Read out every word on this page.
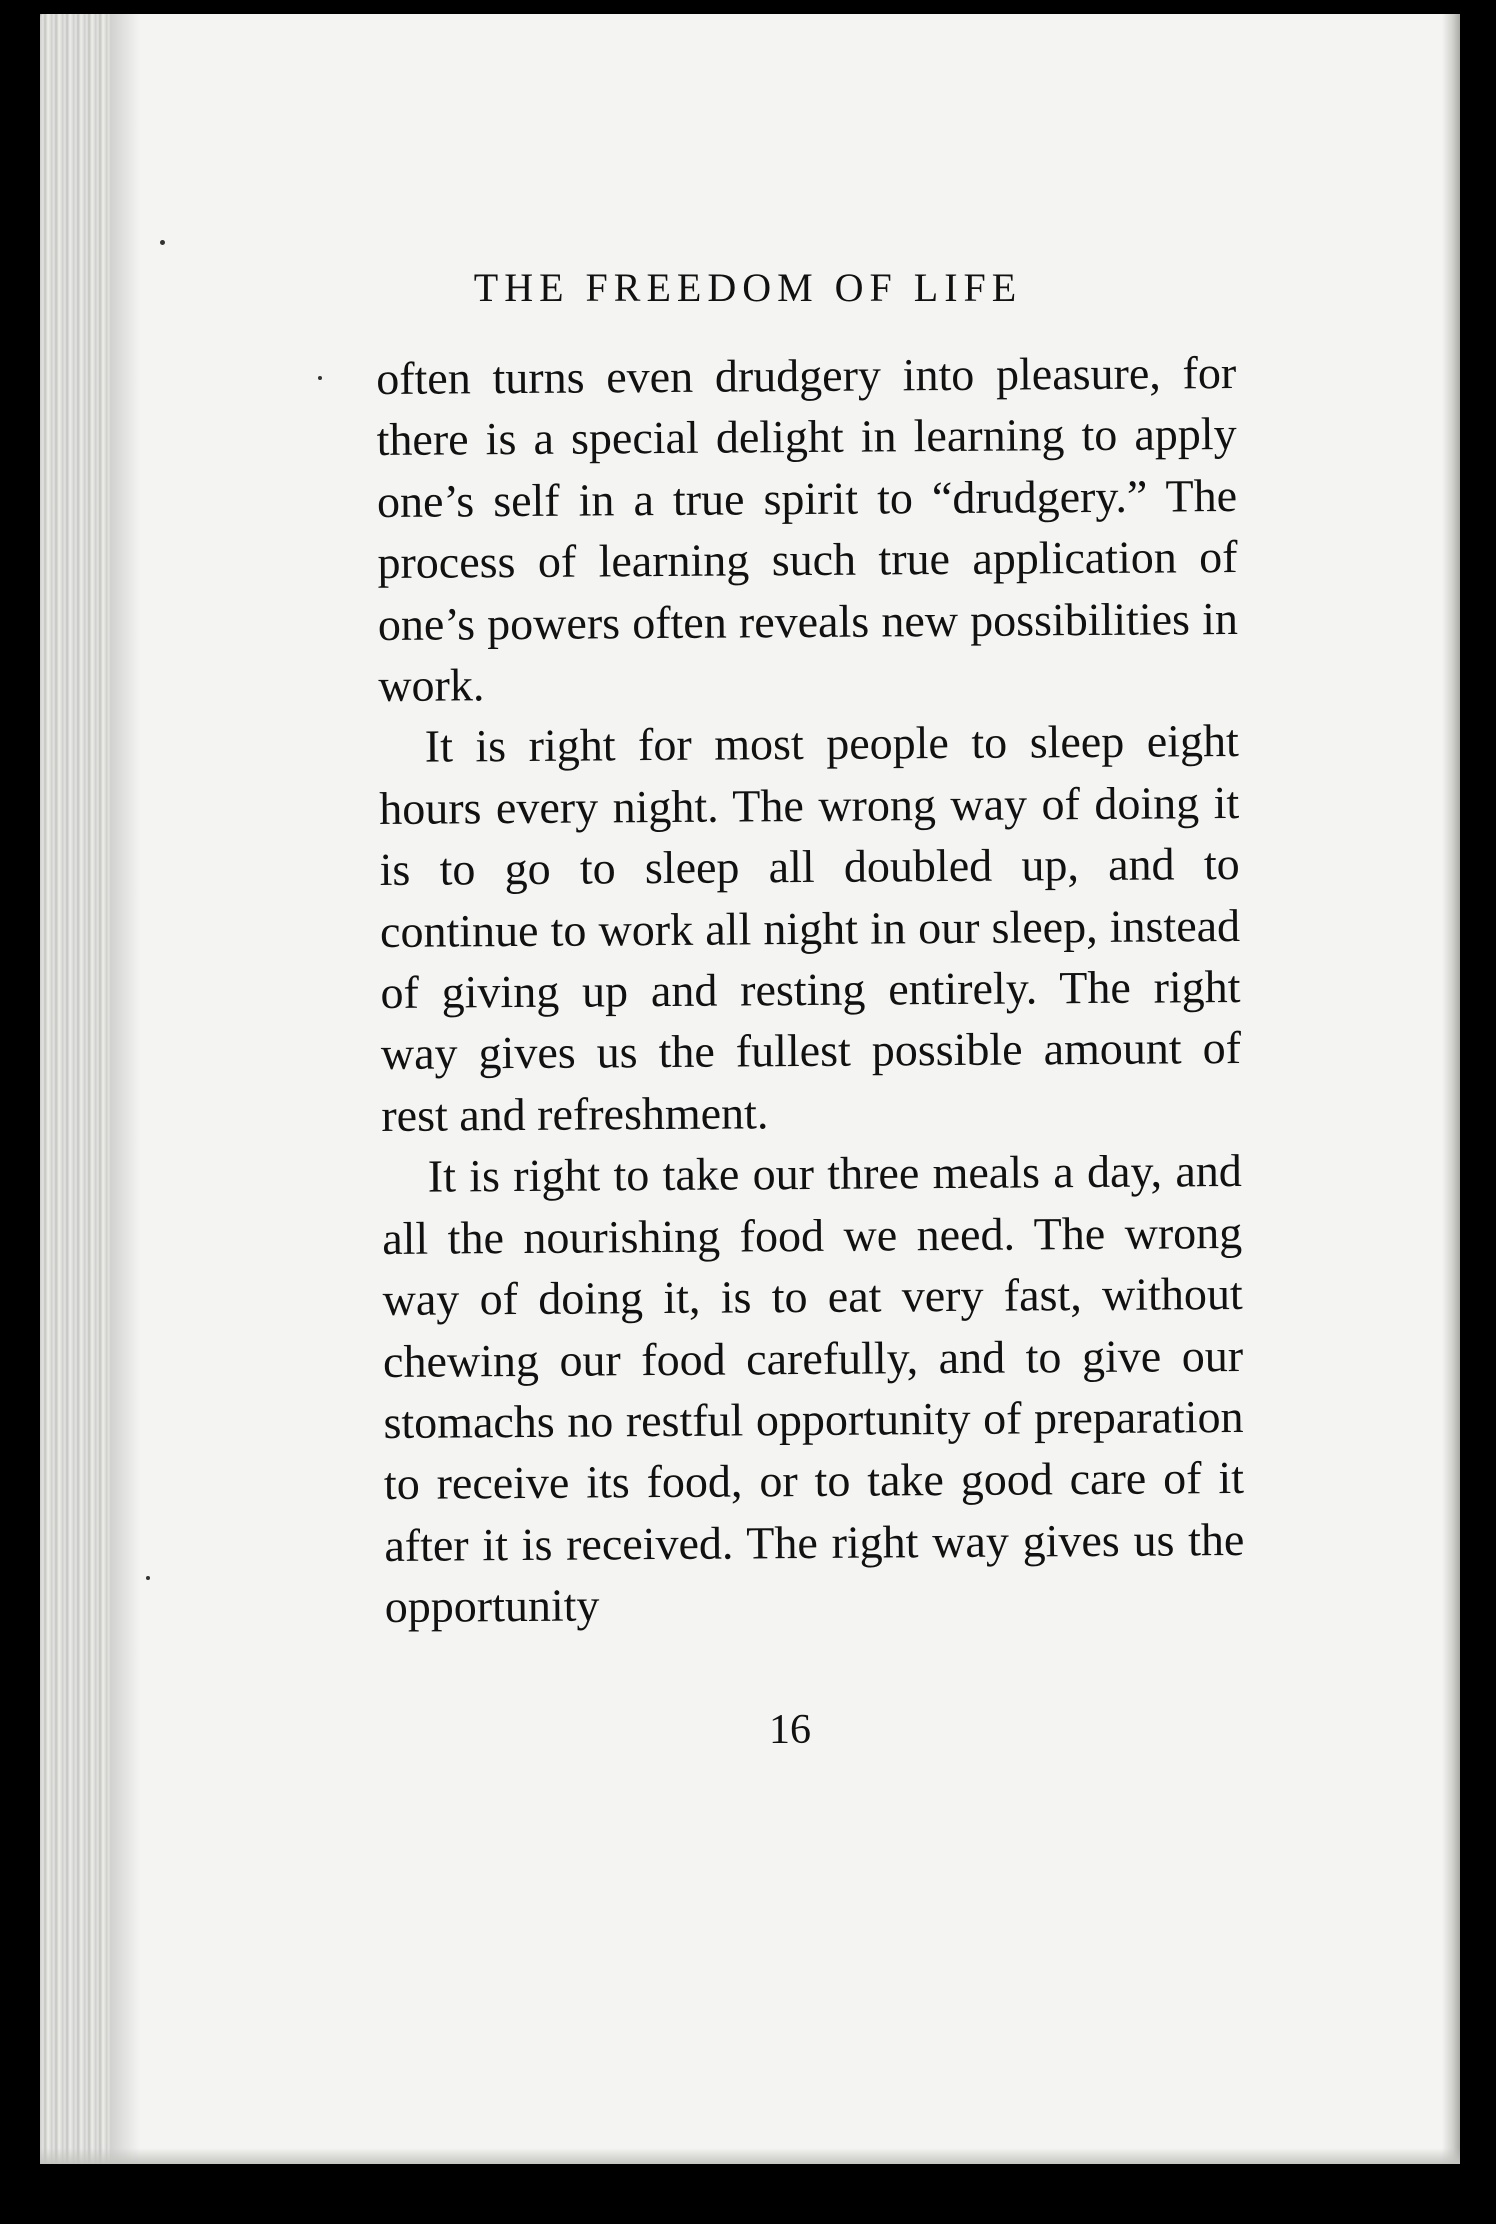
THE FREEDOM OF LIFE

often turns even drudgery into pleasure, for there is a special delight in learning to apply one’s self in a true spirit to “drudgery.” The process of learning such true application of one’s powers often reveals new possibilities in work.

It is right for most people to sleep eight hours every night. The wrong way of doing it is to go to sleep all doubled up, and to continue to work all night in our sleep, instead of giving up and resting entirely. The right way gives us the fullest possible amount of rest and refreshment.

It is right to take our three meals a day, and all the nourishing food we need. The wrong way of doing it, is to eat very fast, without chewing our food carefully, and to give our stomachs no restful opportunity of preparation to receive its food, or to take good care of it after it is received. The right way gives us the opportunity

16
